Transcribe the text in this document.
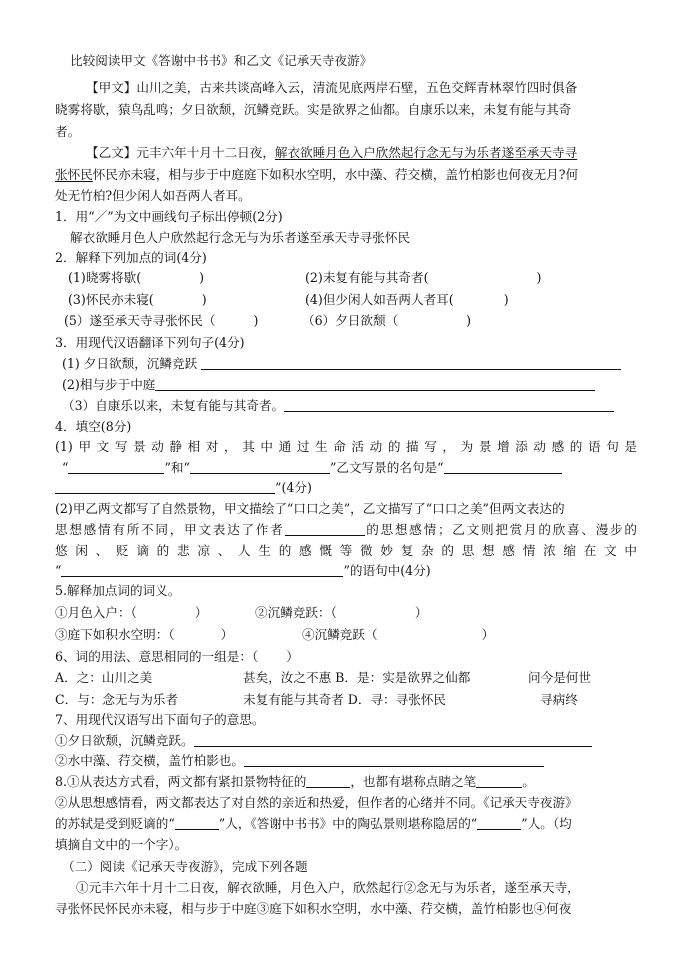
比较阅读甲文《答谢中书书》和乙文《记承天寺夜游》
【甲文】山川之美，古来共谈高峰入云，清流见底两岸石壁，五色交辉青林翠竹四时俱备
晓雾将歇，猿鸟乱鸣；夕日欲颓，沉鳞竞跃。实是欲界之仙都。自康乐以来，未复有能与其奇
者。
【乙文】元丰六年十月十二日夜，解衣欲睡月色入户欣然起行念无与为乐者遂至承天寺寻
张怀民怀民亦未寝，相与步于中庭庭下如积水空明，水中藻、荇交横，盖竹柏影也何夜无月?何
处无竹柏?但少闲人如吾两人者耳。
1．用“／”为文中画线句子标出停顿(2分)
解衣欲睡月色人户欣然起行念无与为乐者遂至承天寺寻张怀民
2．解释下列加点的词(4分)
(1)晓雾将歇(	)	(2)未复有能与其奇者(	)
(3)怀民亦未寝(	)	(4)但少闲人如吾两人者耳(	)
(5）遂至承天寺寻张怀民（	)	（6）夕日欲颓（	)
3．用现代汉语翻译下列句子(4分)
(1) 夕日欲颓，沉鳞竞跃
(2)相与步于中庭
（3）自康乐以来，未复有能与其奇者。
4．填空(8分)
(1)甲文写景动静相对，其中通过生命活动的描写，为景增添动感的语句是
“	”和“	”乙文写景的名句是“
”(4分)
(2)甲乙两文都写了自然景物，甲文描绘了“口口之美”，乙文描写了“口口之美”但两文表达的
思想感情有所不同，甲文表达了作者	的思想感情；乙文则把赏月的欣喜、漫步的
悠闲、贬谪的悲凉、人生的感慨等微妙复杂的思想感情浓缩在文中
“	”的语句中(4分)
5.解释加点词的词义。
①月色入户：（	）	②沉鳞竞跃：（	）
③庭下如积水空明：（	）	④沉鳞竞跃（	）
6、词的用法、意思相同的一组是：（       ）
A．之：山川之美	甚矣，汝之不惠 B．是：实是欲界之仙都	问今是何世
C．与：念无与为乐者	未复有能与其奇者 D．寻：寻张怀民	寻病终
7、用现代汉语写出下面句子的意思。
①夕日欲颓，沉鳞竞跃。
②水中藻、荇交横，盖竹柏影也。
8.①从表达方式看，两文都有紧扣景物特征的	，也都有堪称点睛之笔	。
②从思想感情看，两文都表达了对自然的亲近和热爱，但作者的心绪并不同。《记承天寺夜游》
的苏轼是受到贬谪的“	”人，《答谢中书书》中的陶弘景则堪称隐居的“	”人。（均
填摘自文中的一个字）。
（二）阅读《记承天寺夜游》，完成下列各题
①元丰六年十月十二日夜，解衣欲睡，月色入户，欣然起行②念无与为乐者，遂至承天寺，
寻张怀民怀民亦未寝，相与步于中庭③庭下如积水空明，水中藻、荇交横，盖竹柏影也④何夜
